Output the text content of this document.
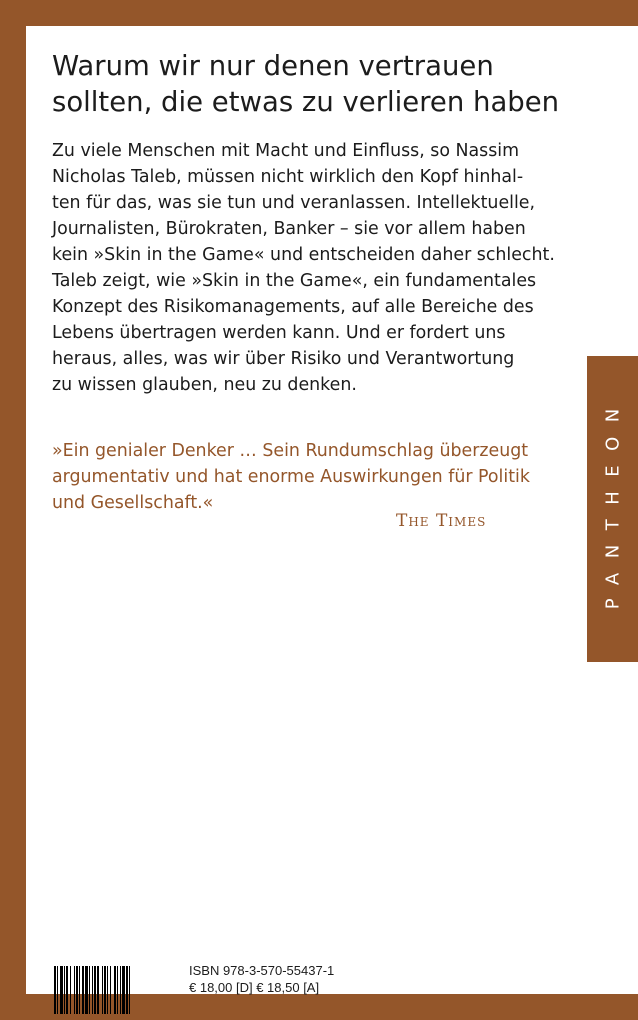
Warum wir nur denen vertrauen
sollten, die etwas zu verlieren haben

Zu viele Menschen mit Macht und Einfluss, so Nassim
Nicholas Taleb, müssen nicht wirklich den Kopf hinhal-
ten für das, was sie tun und veranlassen. Intellektuelle,
Journalisten, Bürokraten, Banker – sie vor allem haben
kein »Skin in the Game« und entscheiden daher schlecht.
Taleb zeigt, wie »Skin in the Game«, ein fundamentales
Konzept des Risikomanagements, auf alle Bereiche des
Lebens übertragen werden kann. Und er fordert uns
heraus, alles, was wir über Risiko und Verantwortung
zu wissen glauben, neu zu denken.

»Ein genialer Denker … Sein Rundumschlag überzeugt
argumentativ und hat enorme Auswirkungen für Politik
und Gesellschaft.«

The Times
ISBN 978-3-570-55437-1
€ 18,00 [D] € 18,50 [A]
PANTHEON
